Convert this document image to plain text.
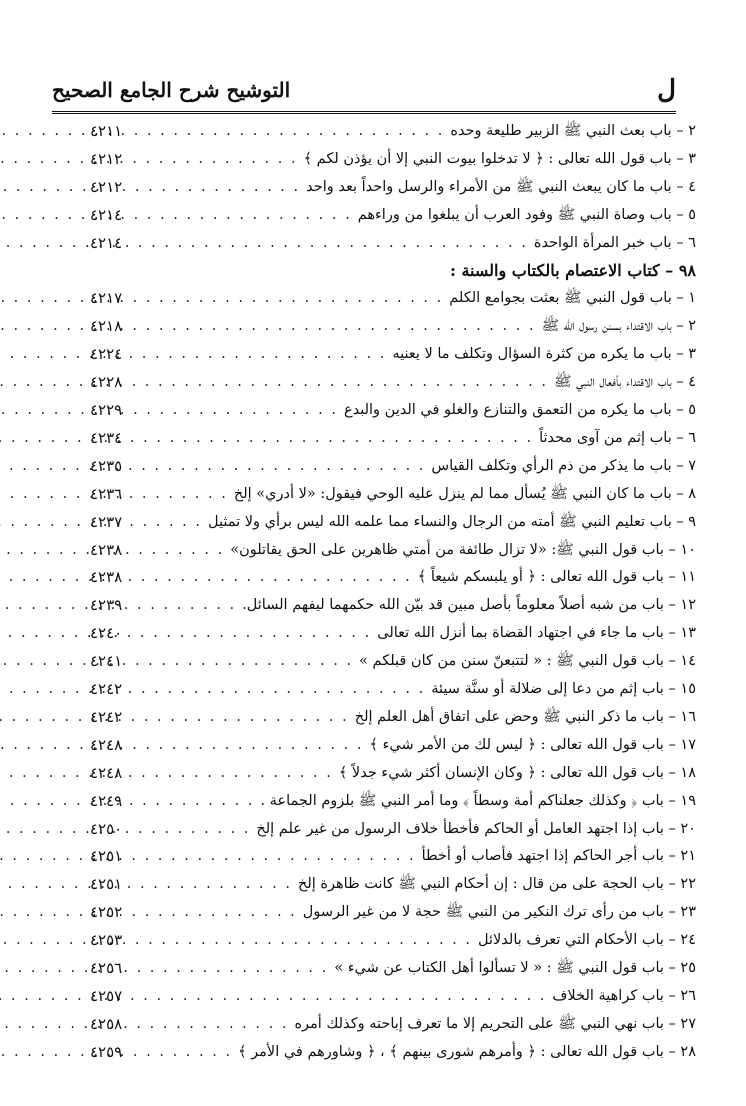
ل
التوشيح شرح الجامع الصحيح
٢ – باب بعث النبي ﷺ الزبير طليعة وحده
. . .
٤٢١١
٣ – باب قول الله تعالى : ﴿ لا تدخلوا بيوت النبي إلا أن يؤذن لكم ﴾
. . .
٤٢١٢
٤ – باب ما كان يبعث النبي ﷺ من الأمراء والرسل واحداً بعد واحد
. . .
٤٢١٢
٥ – باب وصاة النبي ﷺ وفود العرب أن يبلغوا من وراءهم
. . .
٤٢١٤
٦ – باب خبر المرأة الواحدة
. . .
٤٢١٤
٩٨ – كتاب الاعتصام بالكتاب والسنة :
١ – باب قول النبي ﷺ بعثت بجوامع الكلم
. . .
٤٢١٧
٢ – باب الاقتداء بسنن رسول الله ﷺ
. . .
٤٢١٨
٣ – باب ما يكره من كثرة السؤال وتكلف ما لا يعنيه
. . .
٤٢٢٤
٤ – باب الاقتداء بأفعال النبي ﷺ
. . .
٤٢٢٨
٥ – باب ما يكره من التعمق والتنازع والغلو في الدين والبدع
. . .
٤٢٢٩
٦ – باب إثم من آوى محدثاً
. . .
٤٢٣٤
٧ – باب ما يذكر من ذم الرأي وتكلف القياس
. . .
٤٢٣٥
٨ – باب ما كان النبي ﷺ يُسأل مما لم ينزل عليه الوحي فيقول: «لا أدري» إلخ
. . .
٤٢٣٦
٩ – باب تعليم النبي ﷺ أمته من الرجال والنساء مما علمه الله ليس برأي ولا تمثيل
. . .
٤٢٣٧
١٠ – باب قول النبي ﷺ: «لا تزال طائفة من أمتي ظاهرين على الحق يقاتلون»
. . .
٤٢٣٨
١١ – باب قول الله تعالى : ﴿ أو يلبسكم شيعاً ﴾
. . .
٤٢٣٨
١٢ – باب من شبه أصلاً معلوماً بأصل مبين قد بيّن الله حكمهما ليفهم السائل.
. . .
٤٢٣٩
١٣ – باب ما جاء في اجتهاد القضاة بما أنزل الله تعالى
. . .
٤٢٤٠
١٤ – باب قول النبي ﷺ : « لتتبعنّ سنن من كان قبلكم »
. . .
٤٢٤١
١٥ – باب إثم من دعا إلى ضلالة أو سنَّة سيئة
. . .
٤٢٤٢
١٦ – باب ما ذكر النبي ﷺ وحض على اتفاق أهل العلم إلخ
. . .
٤٢٤٢
١٧ – باب قول الله تعالى : ﴿ ليس لك من الأمر شيء ﴾
. . .
٤٢٤٨
١٨ – باب قول الله تعالى : ﴿ وكان الإنسان أكثر شيء جدلاً ﴾
. . .
٤٢٤٨
١٩ – باب ﴿ وكذلك جعلناكم أمة وسطاً ﴾ وما أمر النبي ﷺ بلزوم الجماعة .
. . .
٤٢٤٩
٢٠ – باب إذا اجتهد العامل أو الحاكم فأخطأ خلاف الرسول من غير علم إلخ
. . .
٤٢٥٠
٢١ – باب أجر الحاكم إذا اجتهد فأصاب أو أخطأ
. . .
٤٢٥١
٢٢ – باب الحجة على من قال : إن أحكام النبي ﷺ كانت ظاهرة إلخ
. . .
٤٢٥١
٢٣ – باب من رأى ترك النكير من النبي ﷺ حجة لا من غير الرسول
. . .
٤٢٥٢
٢٤ – باب الأحكام التي تعرف بالدلائل
. . .
٤٢٥٣
٢٥ – باب قول النبي ﷺ : « لا تسألوا أهل الكتاب عن شيء »
. . .
٤٢٥٦
٢٦ – باب كراهية الخلاف
. . .
٤٢٥٧
٢٧ – باب نهي النبي ﷺ على التحريم إلا ما تعرف إباحته وكذلك أمره
. . .
٤٢٥٨
٢٨ – باب قول الله تعالى : ﴿ وأمرهم شورى بينهم ﴾ ، ﴿ وشاورهم في الأمر ﴾
. . .
٤٢٥٩
